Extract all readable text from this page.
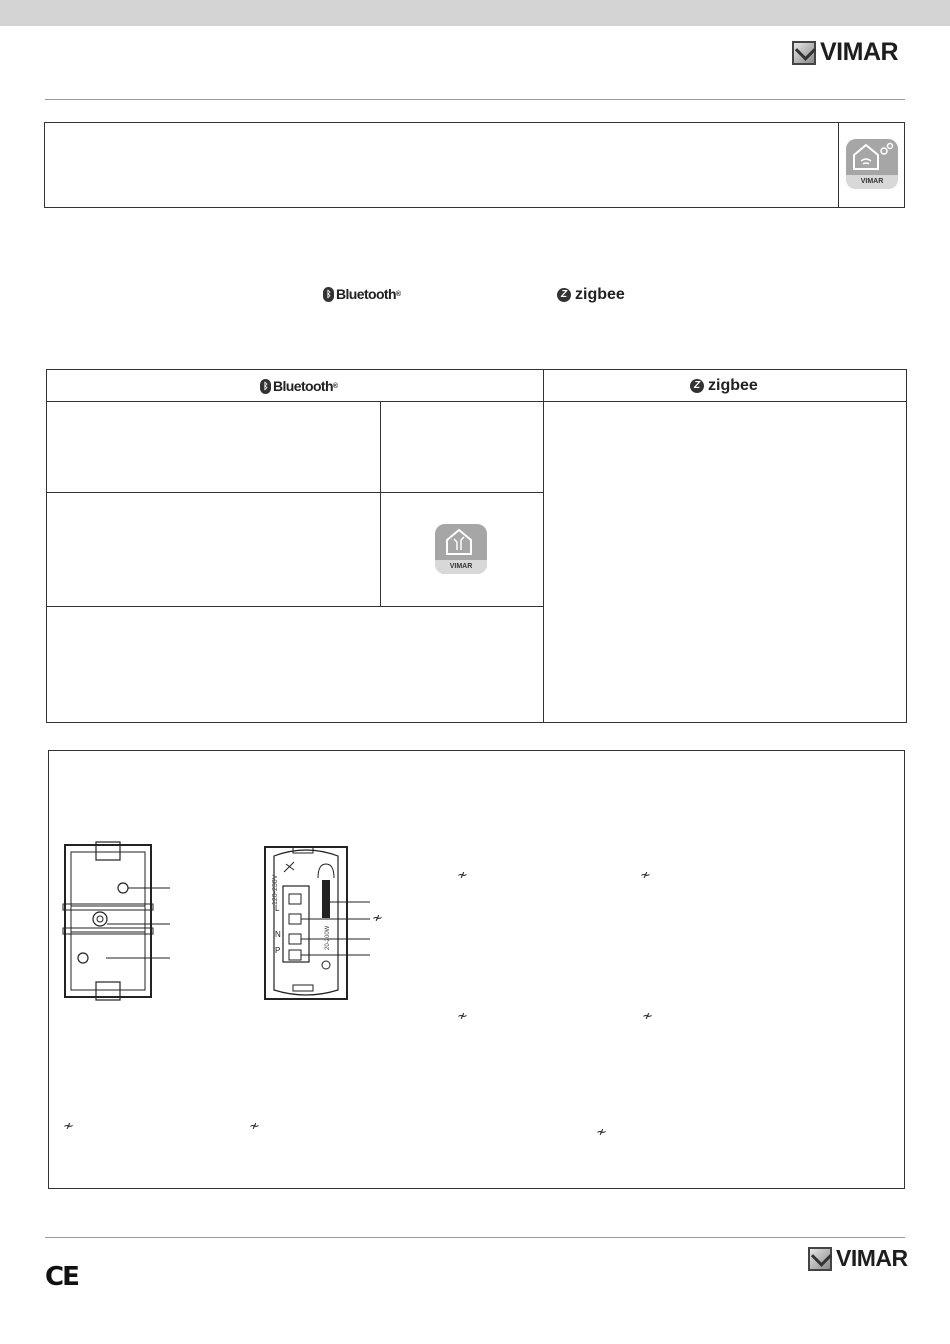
VIMAR
VIMAR
ᛒ Bluetooth ®	Z zigbee
ᛒ Bluetooth ®	Z zigbee
VIMAR
120-230V
20-200W
L
N
P
≁
≁	≁
≁	≁
≁	≁	≁
CE
VIMAR
